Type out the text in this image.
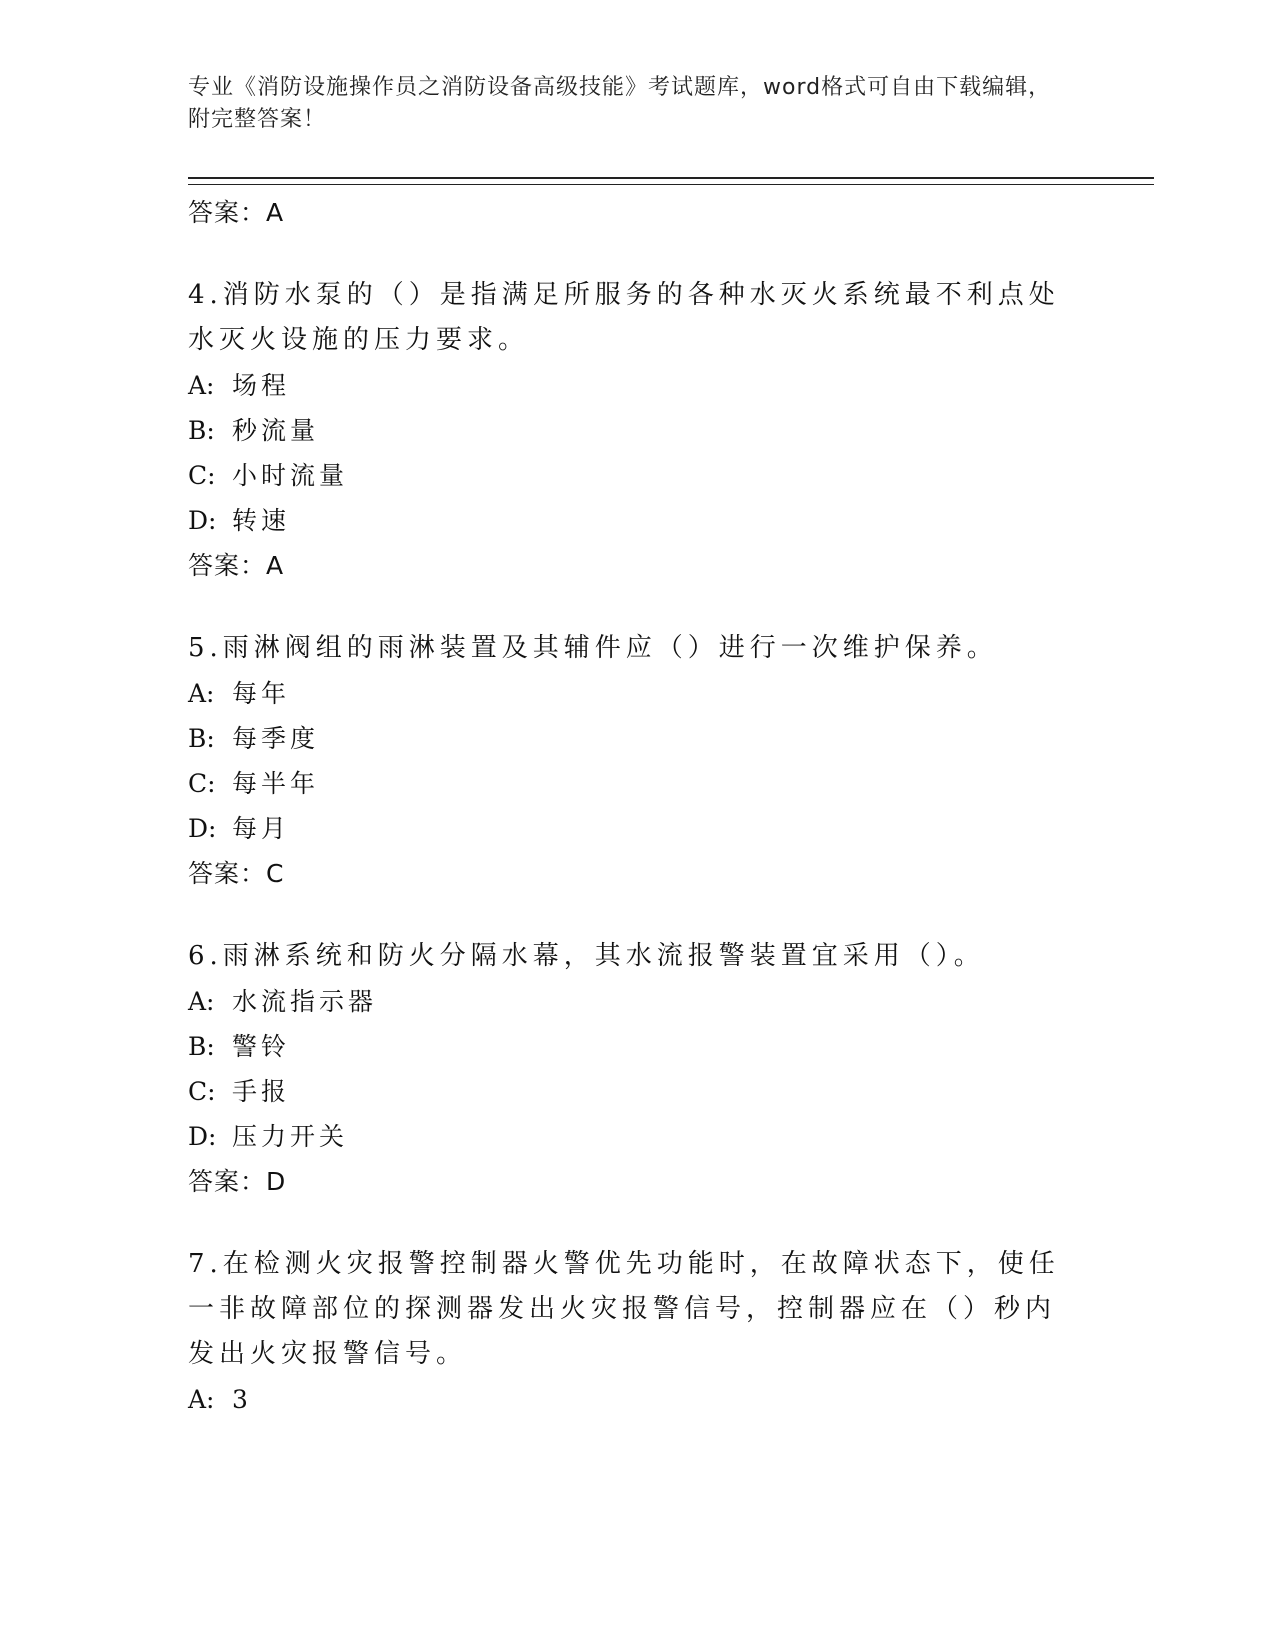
专业《消防设施操作员之消防设备高级技能》考试题库，word格式可自由下载编辑，附完整答案！
答案：A
4.消防水泵的（）是指满足所服务的各种水灭火系统最不利点处水灭火设施的压力要求。
A: 场程
B: 秒流量
C: 小时流量
D: 转速
答案：A
5.雨淋阀组的雨淋装置及其辅件应（）进行一次维护保养。
A: 每年
B: 每季度
C: 每半年
D: 每月
答案：C
6.雨淋系统和防火分隔水幕，其水流报警装置宜采用（）。
A: 水流指示器
B: 警铃
C: 手报
D: 压力开关
答案：D
7.在检测火灾报警控制器火警优先功能时，在故障状态下，使任一非故障部位的探测器发出火灾报警信号，控制器应在（）秒内发出火灾报警信号。
A: 3
